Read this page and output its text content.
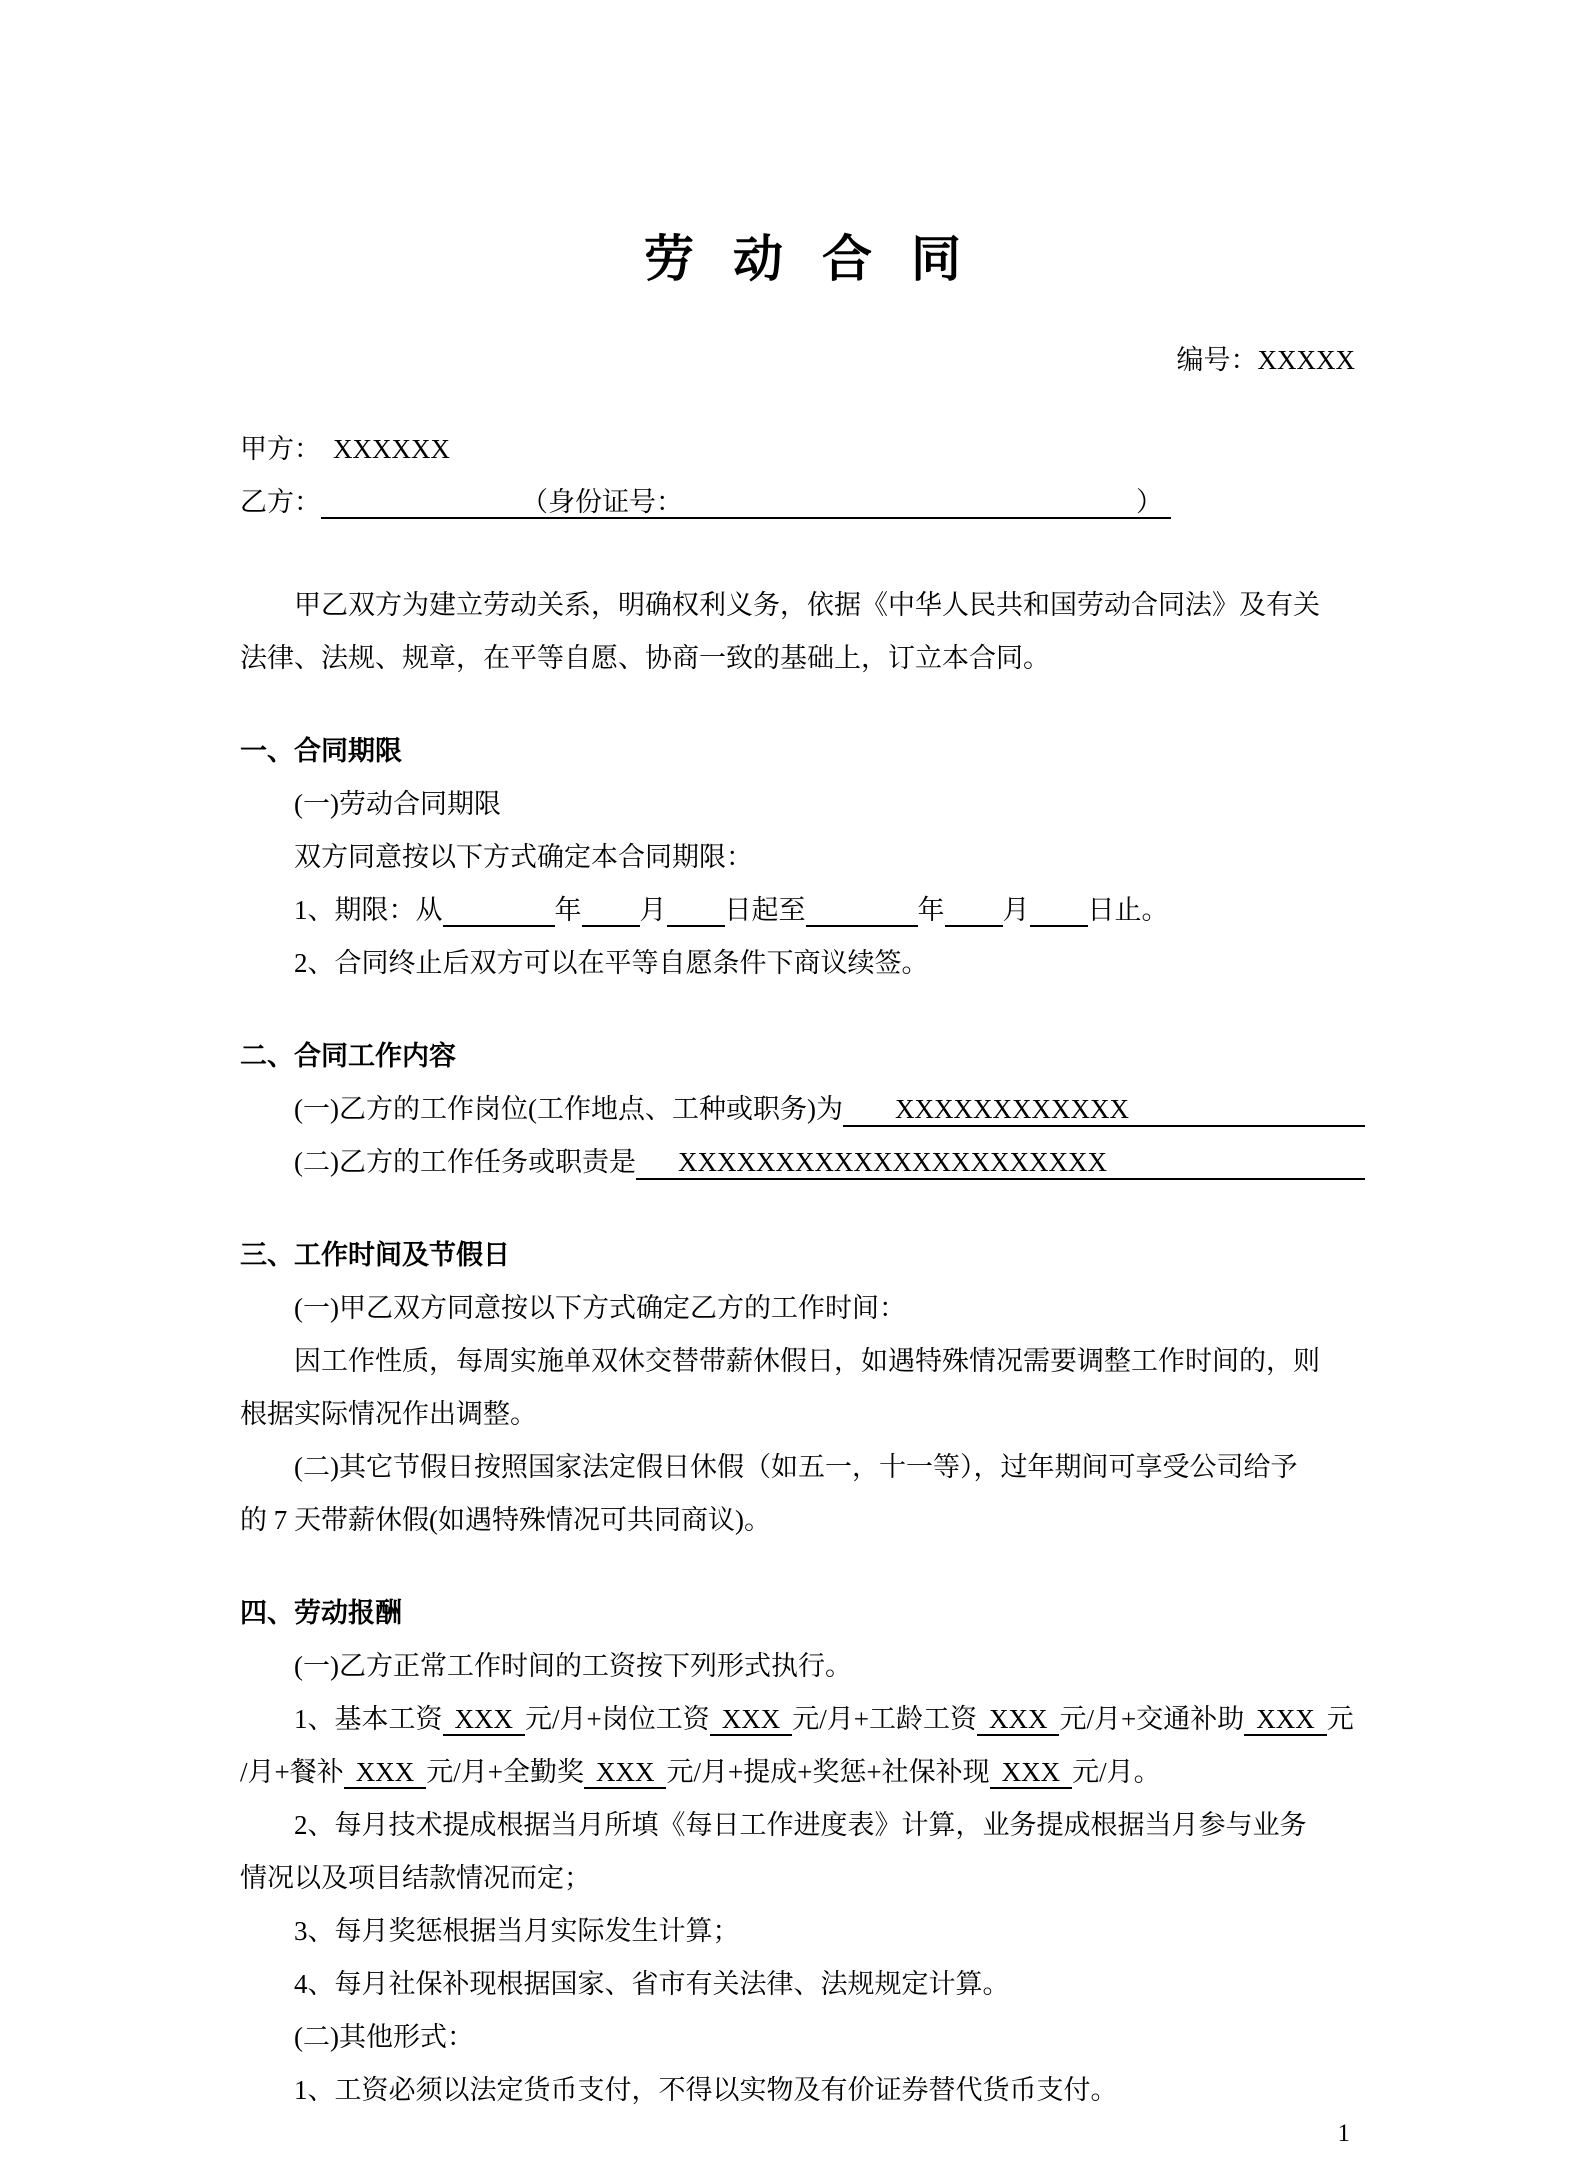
劳动合同

编号：XXXXX

甲方： XXXXXX

乙方：	（身份证号：	）

甲乙双方为建立劳动关系，明确权利义务，依据《中华人民共和国劳动合同法》及有关

法律、法规、规章，在平等自愿、协商一致的基础上，订立本合同。

一、合同期限

(一)劳动合同期限

双方同意按以下方式确定本合同期限：

1、期限：从	年 月 日起至	年 月 日止。

2、合同终止后双方可以在平等自愿条件下商议续签。

二、合同工作内容

(一)乙方的工作岗位(工作地点、工种或职务)为	XXXXXXXXXXXX
(二)乙方的工作任务或职责是	XXXXXXXXXXXXXXXXXXXXXX

三、工作时间及节假日

(一)甲乙双方同意按以下方式确定乙方的工作时间：

因工作性质，每周实施单双休交替带薪休假日，如遇特殊情况需要调整工作时间的，则

根据实际情况作出调整。

(二)其它节假日按照国家法定假日休假（如五一，十一等），过年期间可享受公司给予

的 7 天带薪休假(如遇特殊情况可共同商议)。

四、劳动报酬

(一)乙方正常工作时间的工资按下列形式执行。

1、基本工资 XXX 元/月+岗位工资 XXX 元/月+工龄工资 XXX 元/月+交通补助 XXX 元

/月+餐补 XXX 元/月+全勤奖 XXX 元/月+提成+奖惩+社保补现 XXX 元/月。

2、每月技术提成根据当月所填《每日工作进度表》计算，业务提成根据当月参与业务

情况以及项目结款情况而定；

3、每月奖惩根据当月实际发生计算；

4、每月社保补现根据国家、省市有关法律、法规规定计算。

(二)其他形式：

1、工资必须以法定货币支付，不得以实物及有价证券替代货币支付。

1
